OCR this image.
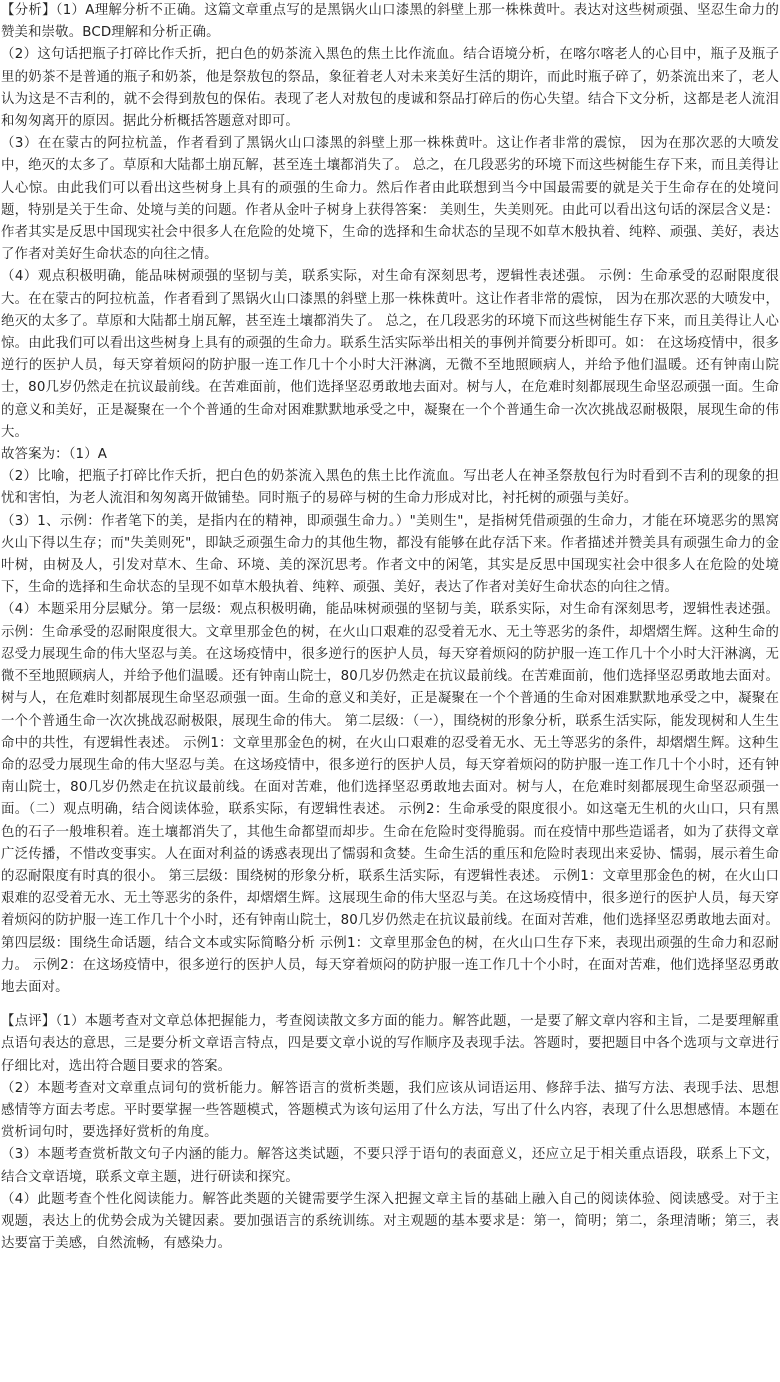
【分析】（1）A理解分析不正确。这篇文章重点写的是黑锅火山口漆黑的斜壁上那一株株黄叶。表达对这些树顽强、坚忍生命力的赞美和崇敬。BCD理解和分析正确。

（2）这句话把瓶子打碎比作夭折，把白色的奶茶流入黑色的焦土比作流血。结合语境分析，在喀尔喀老人的心目中，瓶子及瓶子里的奶茶不是普通的瓶子和奶茶，他是祭敖包的祭品，象征着老人对未来美好生活的期许，而此时瓶子碎了，奶茶流出来了，老人认为这是不吉利的，就不会得到敖包的保佑。表现了老人对敖包的虔诚和祭品打碎后的伤心失望。结合下文分析，这都是老人流泪和匆匆离开的原因。据此分析概括答题意对即可。

（3）在在蒙古的阿拉杭盖，作者看到了黑锅火山口漆黑的斜壁上那一株株黄叶。这让作者非常的震惊， 因为在那次恶的大喷发中，绝灭的太多了。草原和大陆都土崩瓦解，甚至连土壤都消失了。 总之，在几段恶劣的环境下而这些树能生存下来，而且美得让人心惊。由此我们可以看出这些树身上具有的顽强的生命力。然后作者由此联想到当今中国最需要的就是关于生命存在的处境问题，特别是关于生命、处境与美的问题。作者从金叶子树身上获得答案： 美则生，失美则死。由此可以看出这句话的深层含义是：作者其实是反思中国现实社会中很多人在危险的处境下，生命的选择和生命状态的呈现不如草木般执着、纯粹、顽强、美好，表达了作者对美好生命状态的向往之情。

（4）观点积极明确，能品味树顽强的坚韧与美，联系实际，对生命有深刻思考，逻辑性表述强。 示例：生命承受的忍耐限度很大。在在蒙古的阿拉杭盖，作者看到了黑锅火山口漆黑的斜壁上那一株株黄叶。这让作者非常的震惊， 因为在那次恶的大喷发中，绝灭的太多了。草原和大陆都土崩瓦解，甚至连土壤都消失了。 总之，在几段恶劣的环境下而这些树能生存下来，而且美得让人心惊。由此我们可以看出这些树身上具有的顽强的生命力。联系生活实际举出相关的事例并简要分析即可。如： 在这场疫情中，很多逆行的医护人员，每天穿着烦闷的防护服一连工作几十个小时大汗淋漓，无微不至地照顾病人，并给予他们温暖。还有钟南山院士，80几岁仍然走在抗议最前线。在苦难面前，他们选择坚忍勇敢地去面对。树与人，在危难时刻都展现生命坚忍顽强一面。生命的意义和美好，正是凝聚在一个个普通的生命对困难默默地承受之中，凝聚在一个个普通生命一次次挑战忍耐极限，展现生命的伟大。

故答案为：（1）A

（2）比喻，把瓶子打碎比作夭折，把白色的奶茶流入黑色的焦土比作流血。写出老人在神圣祭敖包行为时看到不吉利的现象的担忧和害怕，为老人流泪和匆匆离开做铺垫。同时瓶子的易碎与树的生命力形成对比，衬托树的顽强与美好。

（3）1、示例：作者笔下的美，是指内在的精神，即顽强生命力。）"美则生"，是指树凭借顽强的生命力，才能在环境恶劣的黑窝火山下得以生存；而"失美则死"，即缺乏顽强生命力的其他生物，都没有能够在此存活下来。作者描述并赞美具有顽强生命力的金叶树，由树及人，引发对草木、生命、环境、美的深沉思考。作者文中的闲笔，其实是反思中国现实社会中很多人在危险的处境下，生命的选择和生命状态的呈现不如草木般执着、纯粹、顽强、美好，表达了作者对美好生命状态的向往之情。

（4）本题采用分层赋分。第一层级：观点积极明确，能品味树顽强的坚韧与美，联系实际，对生命有深刻思考，逻辑性表述强。 示例：生命承受的忍耐限度很大。文章里那金色的树，在火山口艰难的忍受着无水、无土等恶劣的条件，却熠熠生辉。这种生命的忍受力展现生命的伟大坚忍与美。在这场疫情中，很多逆行的医护人员，每天穿着烦闷的防护服一连工作几十个小时大汗淋漓，无微不至地照顾病人，并给予他们温暖。还有钟南山院士，80几岁仍然走在抗议最前线。在苦难面前，他们选择坚忍勇敢地去面对。树与人，在危难时刻都展现生命坚忍顽强一面。生命的意义和美好，正是凝聚在一个个普通的生命对困难默默地承受之中，凝聚在一个个普通生命一次次挑战忍耐极限，展现生命的伟大。 第二层级：（一），围绕树的形象分析，联系生活实际，能发现树和人生生命中的共性，有逻辑性表述。 示例1：文章里那金色的树，在火山口艰难的忍受着无水、无土等恶劣的条件，却熠熠生辉。这种生命的忍受力展现生命的伟大坚忍与美。在这场疫情中，很多逆行的医护人员，每天穿着烦闷的防护服一连工作几十个小时，还有钟南山院士，80几岁仍然走在抗议最前线。在面对苦难，他们选择坚忍勇敢地去面对。树与人，在危难时刻都展现生命坚忍顽强一面。（二）观点明确，结合阅读体验，联系实际，有逻辑性表述。 示例2：生命承受的限度很小。如这毫无生机的火山口，只有黑色的石子一般堆积着。连土壤都消失了，其他生命都望而却步。生命在危险时变得脆弱。而在疫情中那些造谣者，如为了获得文章广泛传播，不惜改变事实。人在面对利益的诱惑表现出了懦弱和贪婪。生命生活的重压和危险时表现出来妥协、懦弱，展示着生命的忍耐限度有时真的很小。 第三层级：围绕树的形象分析，联系生活实际，有逻辑性表述。 示例1：文章里那金色的树，在火山口艰难的忍受着无水、无土等恶劣的条件，却熠熠生辉。这展现生命的伟大坚忍与美。在这场疫情中，很多逆行的医护人员，每天穿着烦闷的防护服一连工作几十个小时，还有钟南山院士，80几岁仍然走在抗议最前线。在面对苦难，他们选择坚忍勇敢地去面对。 第四层级：围绕生命话题，结合文本或实际简略分析 示例1：文章里那金色的树，在火山口生存下来，表现出顽强的生命力和忍耐力。 示例2：在这场疫情中，很多逆行的医护人员，每天穿着烦闷的防护服一连工作几十个小时，在面对苦难，他们选择坚忍勇敢地去面对。

【点评】（1）本题考查对文章总体把握能力，考查阅读散文多方面的能力。解答此题，一是要了解文章内容和主旨，二是要理解重点语句表达的意思，三是要分析文章语言特点，四是要文章小说的写作顺序及表现手法。答题时，要把题目中各个选项与文章进行仔细比对，选出符合题目要求的答案。

（2）本题考查对文章重点词句的赏析能力。解答语言的赏析类题，我们应该从词语运用、修辞手法、描写方法、表现手法、思想感情等方面去考虑。平时要掌握一些答题模式，答题模式为该句运用了什么方法，写出了什么内容，表现了什么思想感情。本题在赏析词句时，要选择好赏析的角度。

（3）本题考查赏析散文句子内涵的能力。解答这类试题，不要只浮于语句的表面意义，还应立足于相关重点语段，联系上下文，结合文章语境，联系文章主题，进行研读和探究。

（4）此题考查个性化阅读能力。解答此类题的关键需要学生深入把握文章主旨的基础上融入自己的阅读体验、阅读感受。对于主观题，表达上的优势会成为关键因素。要加强语言的系统训练。对主观题的基本要求是：第一，简明；第二，条理清晰；第三，表达要富于美感，自然流畅，有感染力。
